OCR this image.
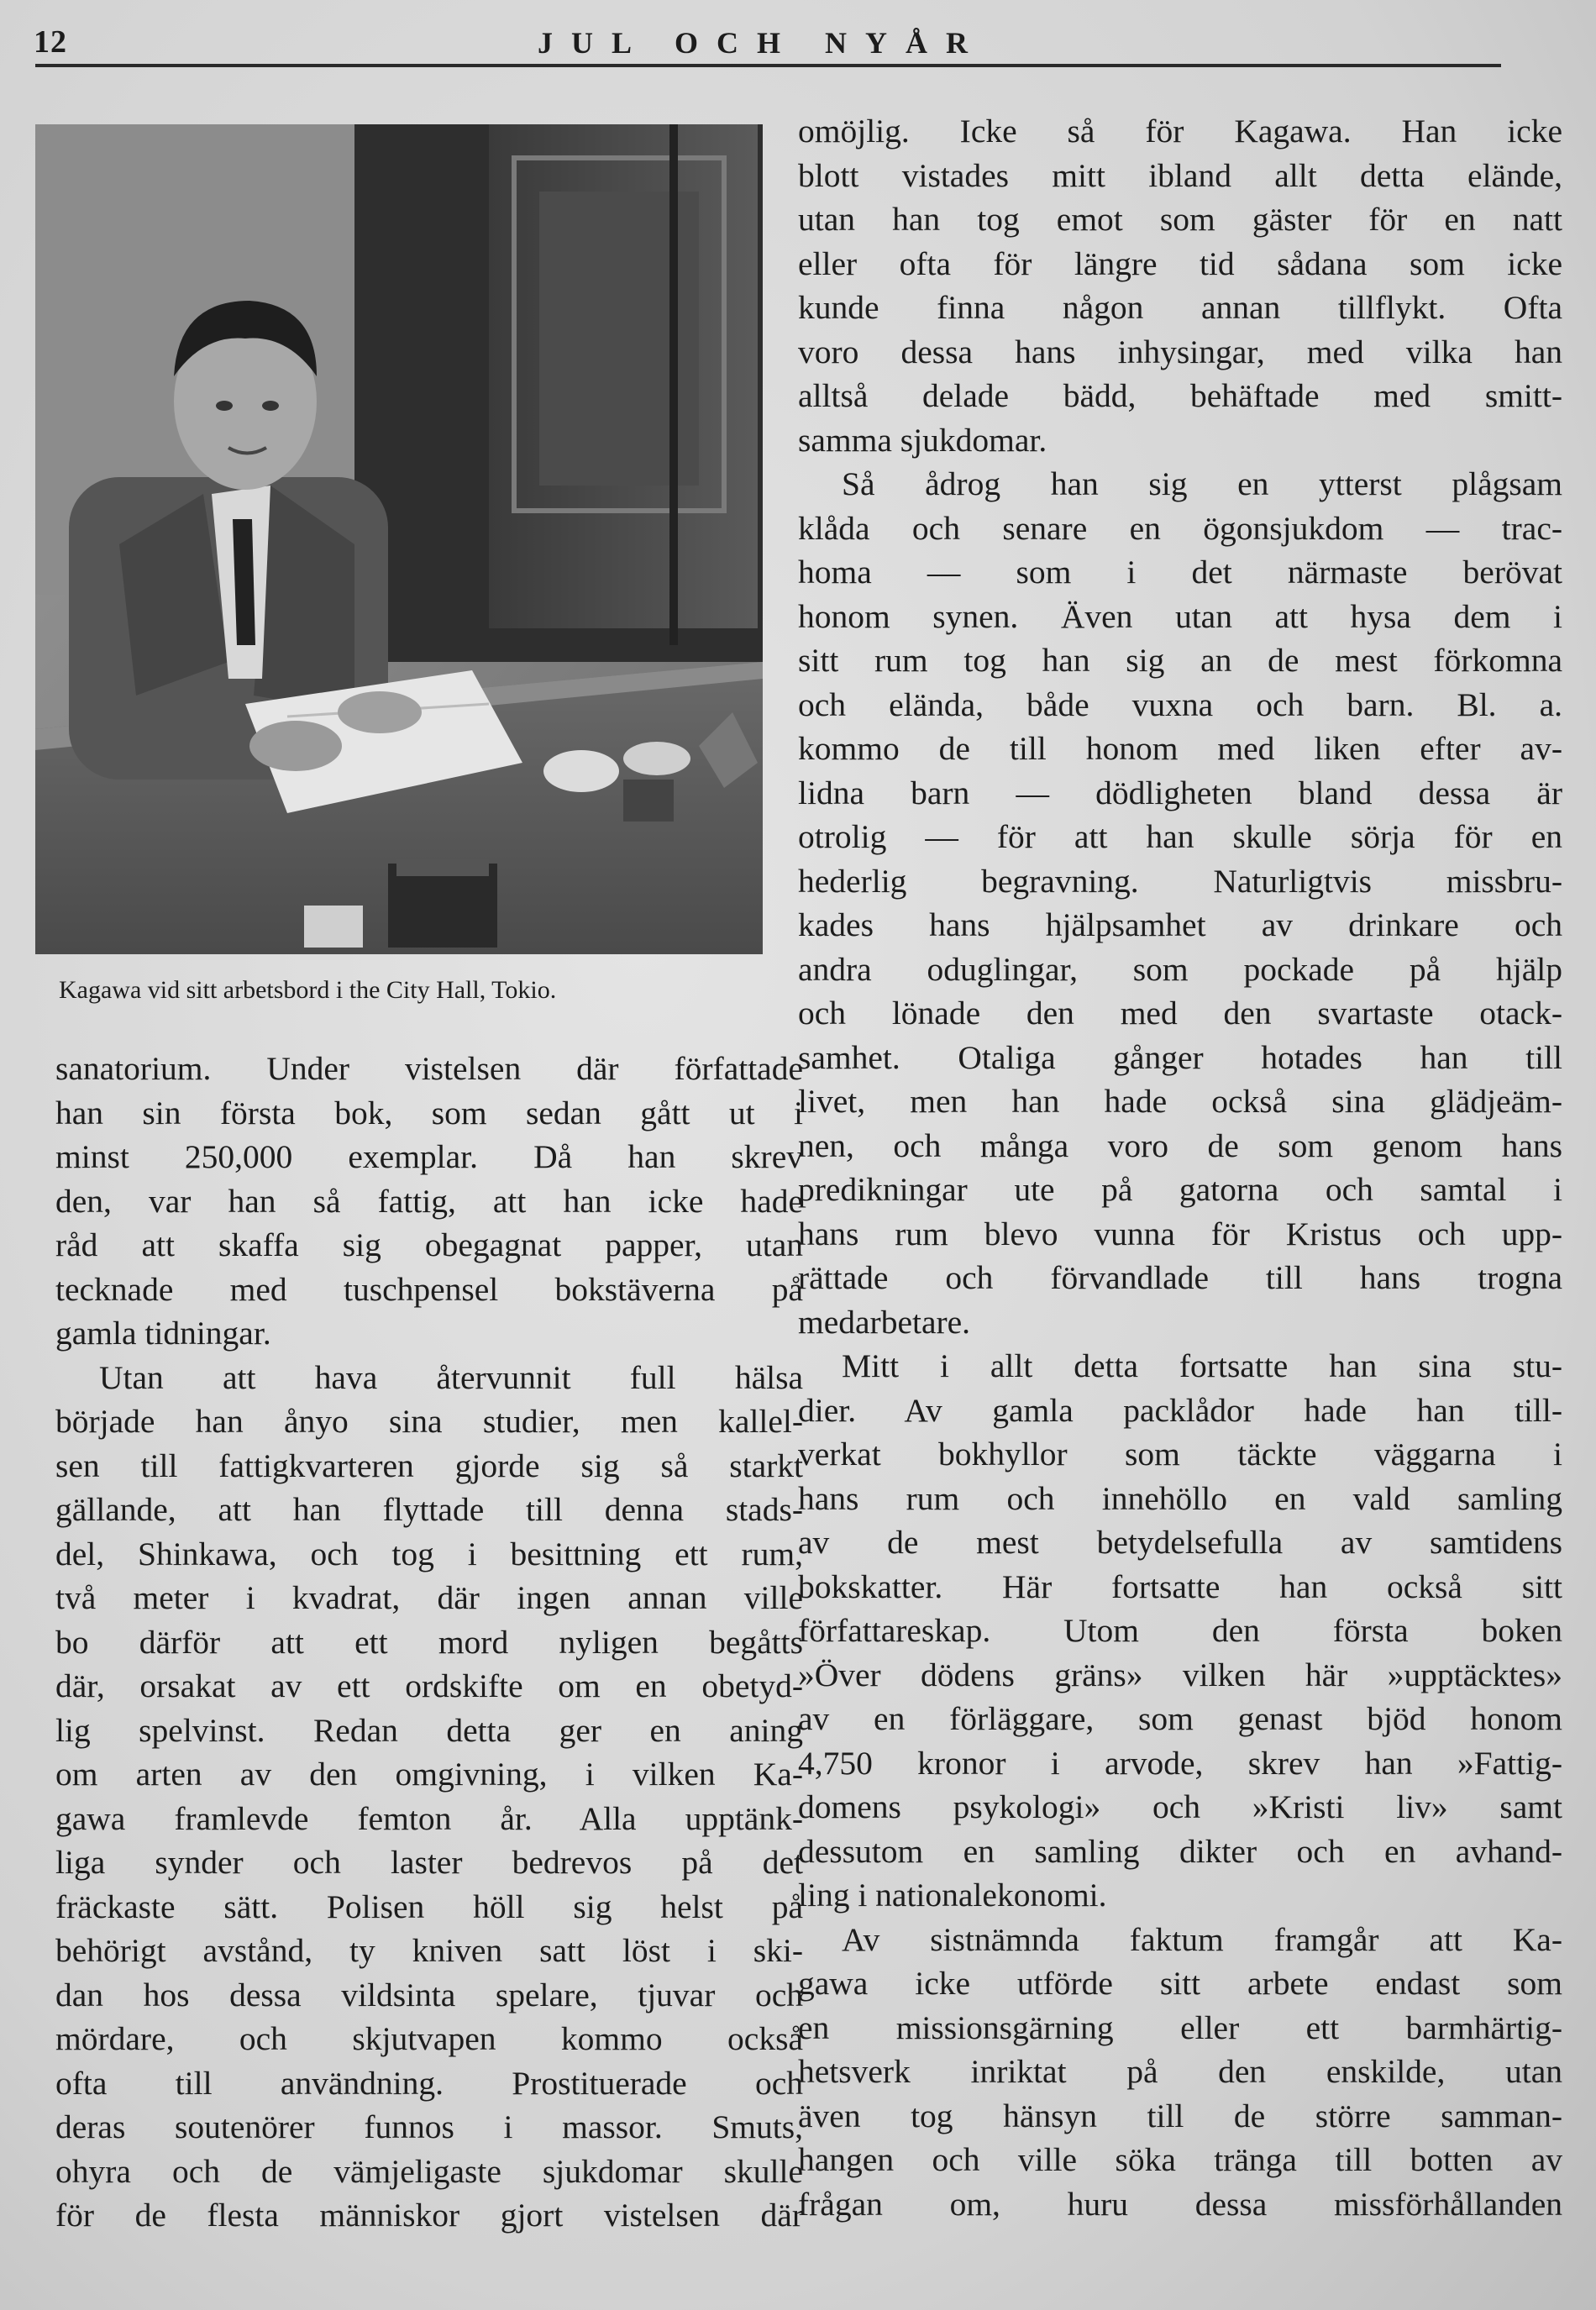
12	JUL OCH NYÅR
Kagawa vid sitt arbetsbord i the City Hall, Tokio.
sanatorium. Under vistelsen där författade
han sin första bok, som sedan gått ut i
minst 250,000 exemplar. Då han skrev
den, var han så fattig, att han icke hade
råd att skaffa sig obegagnat papper, utan
tecknade med tuschpensel bokstäverna på
gamla tidningar.
Utan att hava återvunnit full hälsa
började han ånyo sina studier, men kallel-
sen till fattigkvarteren gjorde sig så starkt
gällande, att han flyttade till denna stads-
del, Shinkawa, och tog i besittning ett rum,
två meter i kvadrat, där ingen annan ville
bo därför att ett mord nyligen begåtts
där, orsakat av ett ordskifte om en obetyd-
lig spelvinst. Redan detta ger en aning
om arten av den omgivning, i vilken Ka-
gawa framlevde femton år. Alla upptänk-
liga synder och laster bedrevos på det
fräckaste sätt. Polisen höll sig helst på
behörigt avstånd, ty kniven satt löst i ski-
dan hos dessa vildsinta spelare, tjuvar och
mördare, och skjutvapen kommo också
ofta till användning. Prostituerade och
deras soutenörer funnos i massor. Smuts,
ohyra och de vämjeligaste sjukdomar skulle
för de flesta människor gjort vistelsen där
omöjlig. Icke så för Kagawa. Han icke
blott vistades mitt ibland allt detta elände,
utan han tog emot som gäster för en natt
eller ofta för längre tid sådana som icke
kunde finna någon annan tillflykt. Ofta
voro dessa hans inhysingar, med vilka han
alltså delade bädd, behäftade med smitt-
samma sjukdomar.
Så ådrog han sig en ytterst plågsam
klåda och senare en ögonsjukdom — trac-
homa — som i det närmaste berövat
honom synen. Även utan att hysa dem i
sitt rum tog han sig an de mest förkomna
och elända, både vuxna och barn. Bl. a.
kommo de till honom med liken efter av-
lidna barn — dödligheten bland dessa är
otrolig — för att han skulle sörja för en
hederlig begravning. Naturligtvis missbru-
kades hans hjälpsamhet av drinkare och
andra oduglingar, som pockade på hjälp
och lönade den med den svartaste otack-
samhet. Otaliga gånger hotades han till
livet, men han hade också sina glädjeäm-
nen, och många voro de som genom hans
predikningar ute på gatorna och samtal i
hans rum blevo vunna för Kristus och upp-
rättade och förvandlade till hans trogna
medarbetare.
Mitt i allt detta fortsatte han sina stu-
dier. Av gamla packlådor hade han till-
verkat bokhyllor som täckte väggarna i
hans rum och innehöllo en vald samling
av de mest betydelsefulla av samtidens
bokskatter. Här fortsatte han också sitt
författareskap. Utom den första boken
»Över dödens gräns» vilken här »upptäcktes»
av en förläggare, som genast bjöd honom
4,750 kronor i arvode, skrev han »Fattig-
domens psykologi» och »Kristi liv» samt
dessutom en samling dikter och en avhand-
ling i nationalekonomi.
Av sistnämnda faktum framgår att Ka-
gawa icke utförde sitt arbete endast som
en missionsgärning eller ett barmhärtig-
hetsverk inriktat på den enskilde, utan
även tog hänsyn till de större samman-
hangen och ville söka tränga till botten av
frågan om, huru dessa missförhållanden
